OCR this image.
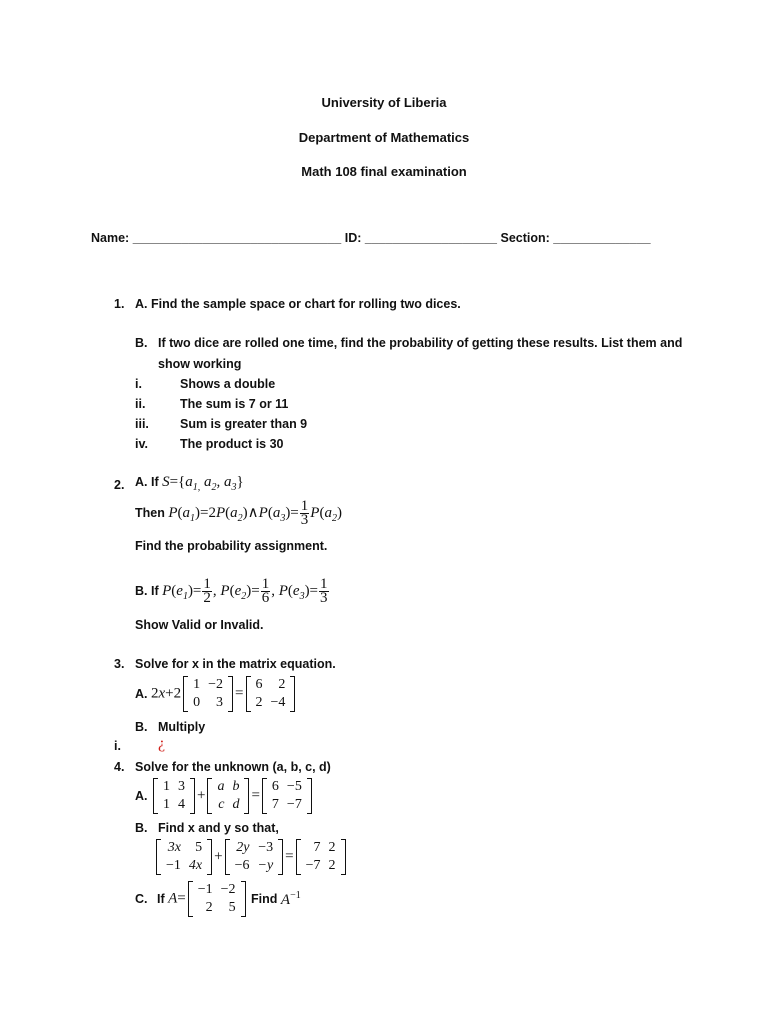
University of Liberia
Department of Mathematics
Math 108 final examination
Name: ______________________________ ID: ___________________ Section: ______________
1. A. Find the sample space or chart for rolling two dices.
B. If two dice are rolled one time, find the probability of getting these results. List them and
show working
i.	Shows a double
ii.	The sum is 7 or 11
iii. Sum is greater than 9
iv.	The product is 30
2. A. If $S=\{a_{1,}$ $a_2$, $a_3$}
Then $P(a_1)=2P(a_2)\wedge P(a_3)= \frac{1}{3} P(a_2)$
Find the probability assignment.
B. If $P(e_1)= \frac{1}{2}$ , $P(e_2)= \frac{1}{6}$ , $P(e_3)= \frac{1}{3}$
Show Valid or Invalid.
3. Solve for x in the matrix equation.
A. 2x+2
1	−2
0	3
=
6	2
2	−4
B. Multiply
i. ¿
4. Solve for the unknown (a, b, c, d)
A.
1	3
1	4
+
a	b
c	d
=
6	−5
7	−7
B. Find x and y so that,
3x	5
−1	4x
+
2y	−3
−6	−y
=
7	2
−7	2
C. If A=
−1	−2
2	5
Find $A^{-1}$
